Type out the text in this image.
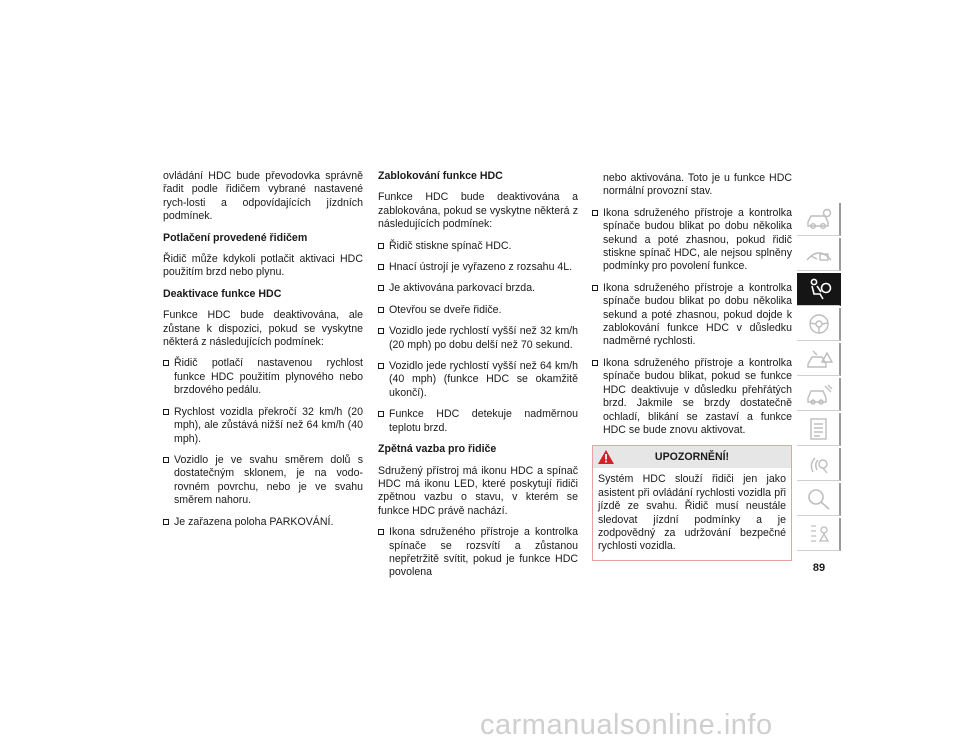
ovládání HDC bude převodovka správně řadit podle řidičem vybrané nastavené rych-losti a odpovídajících jízdních podmínek.

Potlačení provedené řidičem

Řidič může kdykoli potlačit aktivaci HDC použitím brzd nebo plynu.

Deaktivace funkce HDC

Funkce HDC bude deaktivována, ale zůstane k dispozici, pokud se vyskytne některá z následujících podmínek:

Řidič potlačí nastavenou rychlost funkce HDC použitím plynového nebo brzdového pedálu.
Rychlost vozidla překročí 32 km/h (20 mph), ale zůstává nižší než 64 km/h (40 mph).
Vozidlo je ve svahu směrem dolů s dostatečným sklonem, je na vodo-rovném povrchu, nebo je ve svahu směrem nahoru.
Je zařazena poloha PARKOVÁNÍ.

Zablokování funkce HDC

Funkce HDC bude deaktivována a zablokována, pokud se vyskytne některá z následujících podmínek:

Řidič stiskne spínač HDC.
Hnací ústrojí je vyřazeno z rozsahu 4L.
Je aktivována parkovací brzda.
Otevřou se dveře řidiče.
Vozidlo jede rychlostí vyšší než 32 km/h (20 mph) po dobu delší než 70 sekund.
Vozidlo jede rychlostí vyšší než 64 km/h (40 mph) (funkce HDC se okamžitě ukončí).
Funkce HDC detekuje nadměrnou teplotu brzd.

Zpětná vazba pro řidiče

Sdružený přístroj má ikonu HDC a spínač HDC má ikonu LED, které poskytují řidiči zpětnou vazbu o stavu, v kterém se funkce HDC právě nachází.

Ikona sdruženého přístroje a kontrolka spínače se rozsvítí a zůstanou nepřetržitě svítit, pokud je funkce HDC povolena

nebo aktivována. Toto je u funkce HDC normální provozní stav.

Ikona sdruženého přístroje a kontrolka spínače budou blikat po dobu několika sekund a poté zhasnou, pokud řidič stiskne spínač HDC, ale nejsou splněny podmínky pro povolení funkce.
Ikona sdruženého přístroje a kontrolka spínače budou blikat po dobu několika sekund a poté zhasnou, pokud dojde k zablokování funkce HDC v důsledku nadměrné rychlosti.
Ikona sdruženého přístroje a kontrolka spínače budou blikat, pokud se funkce HDC deaktivuje v důsledku přehřátých brzd. Jakmile se brzdy dostatečně ochladí, blikání se zastaví a funkce HDC se bude znovu aktivovat.
UPOZORNĚNÍ!
Systém HDC slouží řidiči jen jako asistent při ovládání rychlosti vozidla při jízdě ze svahu. Řidič musí neustále sledovat jízdní podmínky a je zodpovědný za udržování bezpečné rychlosti vozidla.
89
carmanualsonline.info
